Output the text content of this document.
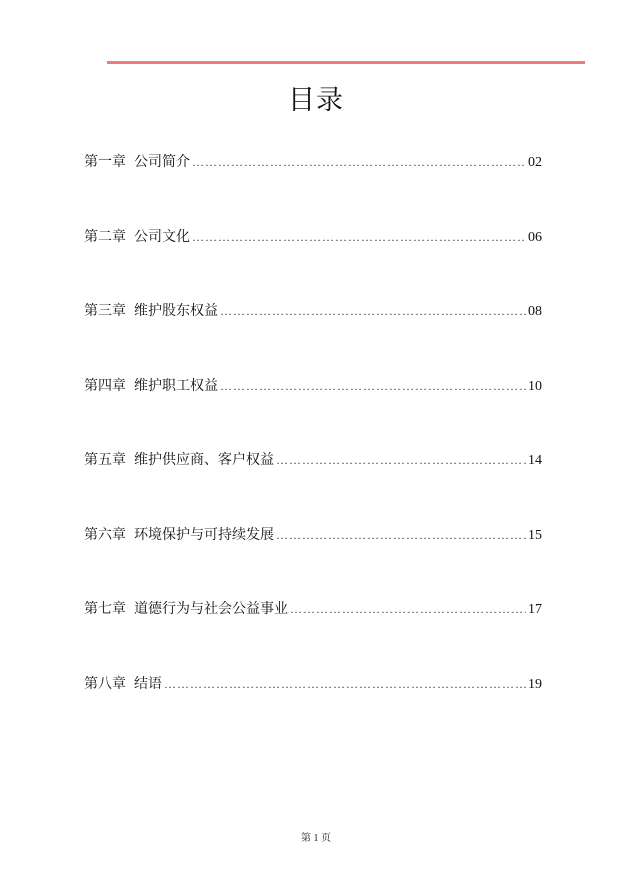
目录
第一章 公司简介 ………………………………………………………………………………………………………………………………	02
第二章 公司文化 ………………………………………………………………………………………………………………………………	06
第三章 维护股东权益 ………………………………………………………………………………………………………………………………	08
第四章 维护职工权益 ………………………………………………………………………………………………………………………………	10
第五章 维护供应商、客户权益 ………………………………………………………………………………………………………………………………	14
第六章 环境保护与可持续发展 ………………………………………………………………………………………………………………………………	15
第七章 道德行为与社会公益事业 ………………………………………………………………………………………………………………………………	17
第八章 结语 ………………………………………………………………………………………………………………………………	19
第 1 页
